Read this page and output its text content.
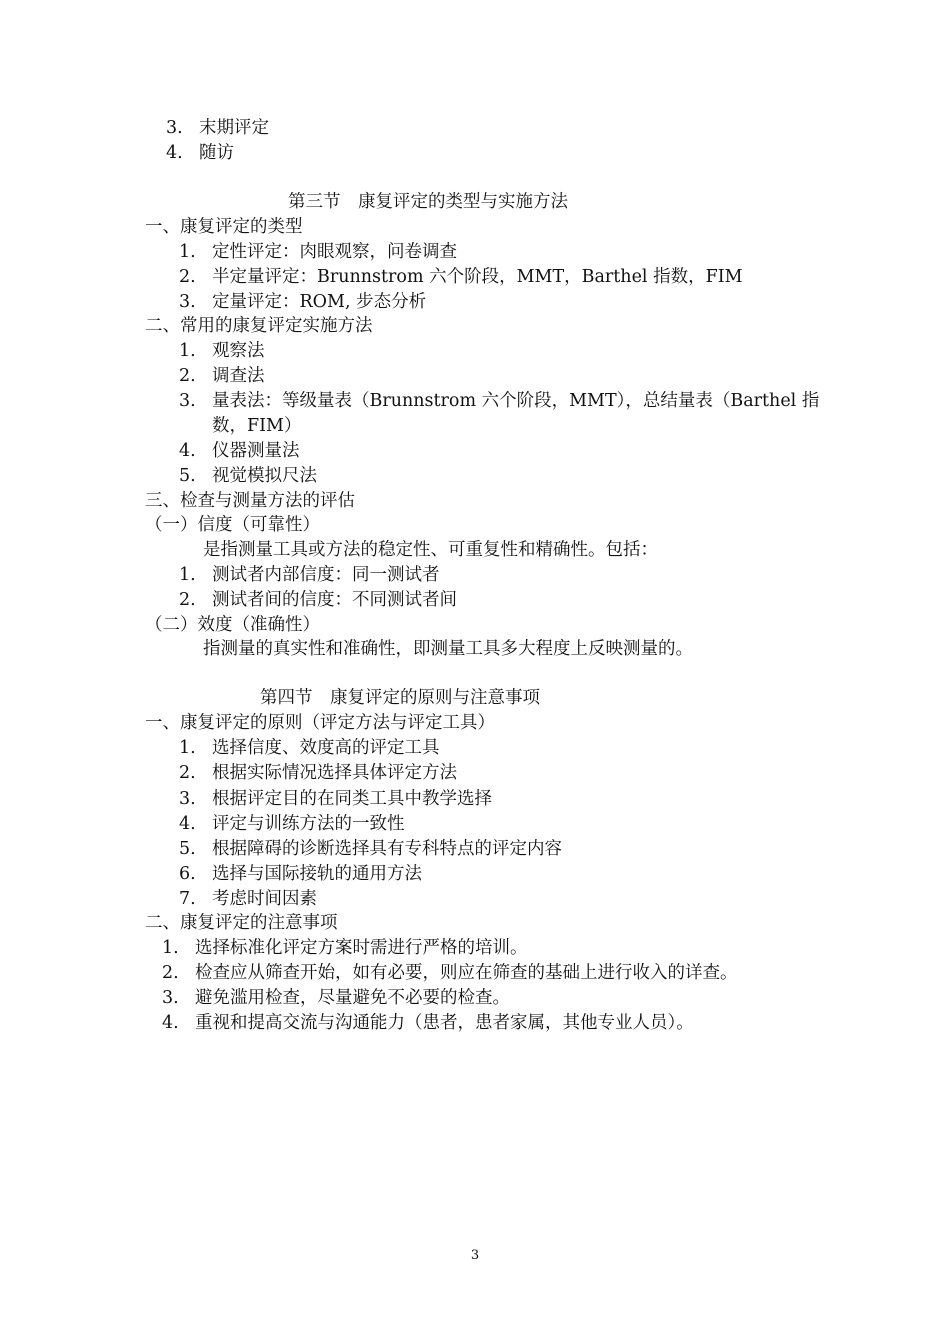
3. 末期评定
4. 随访
第三节　康复评定的类型与实施方法
一、康复评定的类型
1. 定性评定：肉眼观察，问卷调查
2. 半定量评定：Brunnstrom 六个阶段，MMT，Barthel 指数，FIM
3. 定量评定：ROM, 步态分析
二、常用的康复评定实施方法
1. 观察法
2. 调查法
3. 量表法：等级量表（Brunnstrom 六个阶段，MMT），总结量表（Barthel 指数，FIM）
4. 仪器测量法
5. 视觉模拟尺法
三、检查与测量方法的评估
（一）信度（可靠性）
是指测量工具或方法的稳定性、可重复性和精确性。包括：
1. 测试者内部信度：同一测试者
2. 测试者间的信度：不同测试者间
（二）效度（准确性）
指测量的真实性和准确性，即测量工具多大程度上反映测量的。
第四节　康复评定的原则与注意事项
一、康复评定的原则（评定方法与评定工具）
1. 选择信度、效度高的评定工具
2. 根据实际情况选择具体评定方法
3. 根据评定目的在同类工具中教学选择
4. 评定与训练方法的一致性
5. 根据障碍的诊断选择具有专科特点的评定内容
6. 选择与国际接轨的通用方法
7. 考虑时间因素
二、康复评定的注意事项
1. 选择标准化评定方案时需进行严格的培训。
2. 检查应从筛查开始，如有必要，则应在筛查的基础上进行收入的详查。
3. 避免滥用检查，尽量避免不必要的检查。
4. 重视和提高交流与沟通能力（患者，患者家属，其他专业人员）。
3
